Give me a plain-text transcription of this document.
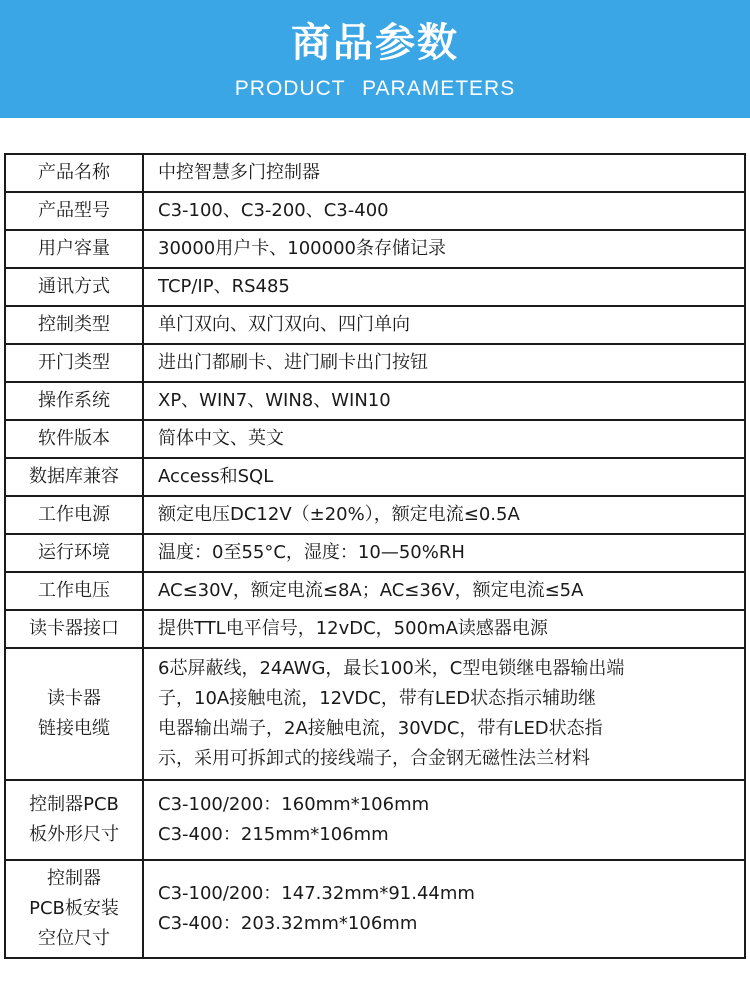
商品参数
PRODUCT PARAMETERS
产品名称	中控智慧多门控制器
产品型号	C3-100、C3-200、C3-400
用户容量	30000用户卡、100000条存储记录
通讯方式	TCP/IP、RS485
控制类型	单门双向、双门双向、四门单向
开门类型	进出门都刷卡、进门刷卡出门按钮
操作系统	XP、WIN7、WIN8、WIN10
软件版本	简体中文、英文
数据库兼容	Access和SQL
工作电源	额定电压DC12V（±20%），额定电流≤0.5A
运行环境	温度：0至55°C，湿度：10—50%RH
工作电压	AC≤30V，额定电流≤8A；AC≤36V，额定电流≤5A
读卡器接口	提供TTL电平信号，12vDC，500mA读感器电源

读卡器
链接电缆	6芯屏蔽线，24AWG，最长100米，C型电锁继电器输出端
子，10A接触电流，12VDC，带有LED状态指示辅助继
电器输出端子，2A接触电流，30VDC，带有LED状态指
示，采用可拆卸式的接线端子，合金钢无磁性法兰材料

控制器PCB
板外形尺寸	C3-100/200：160mm*106mm
C3-400：215mm*106mm

控制器
PCB板安装
空位尺寸	C3-100/200：147.32mm*91.44mm
C3-400：203.32mm*106mm
